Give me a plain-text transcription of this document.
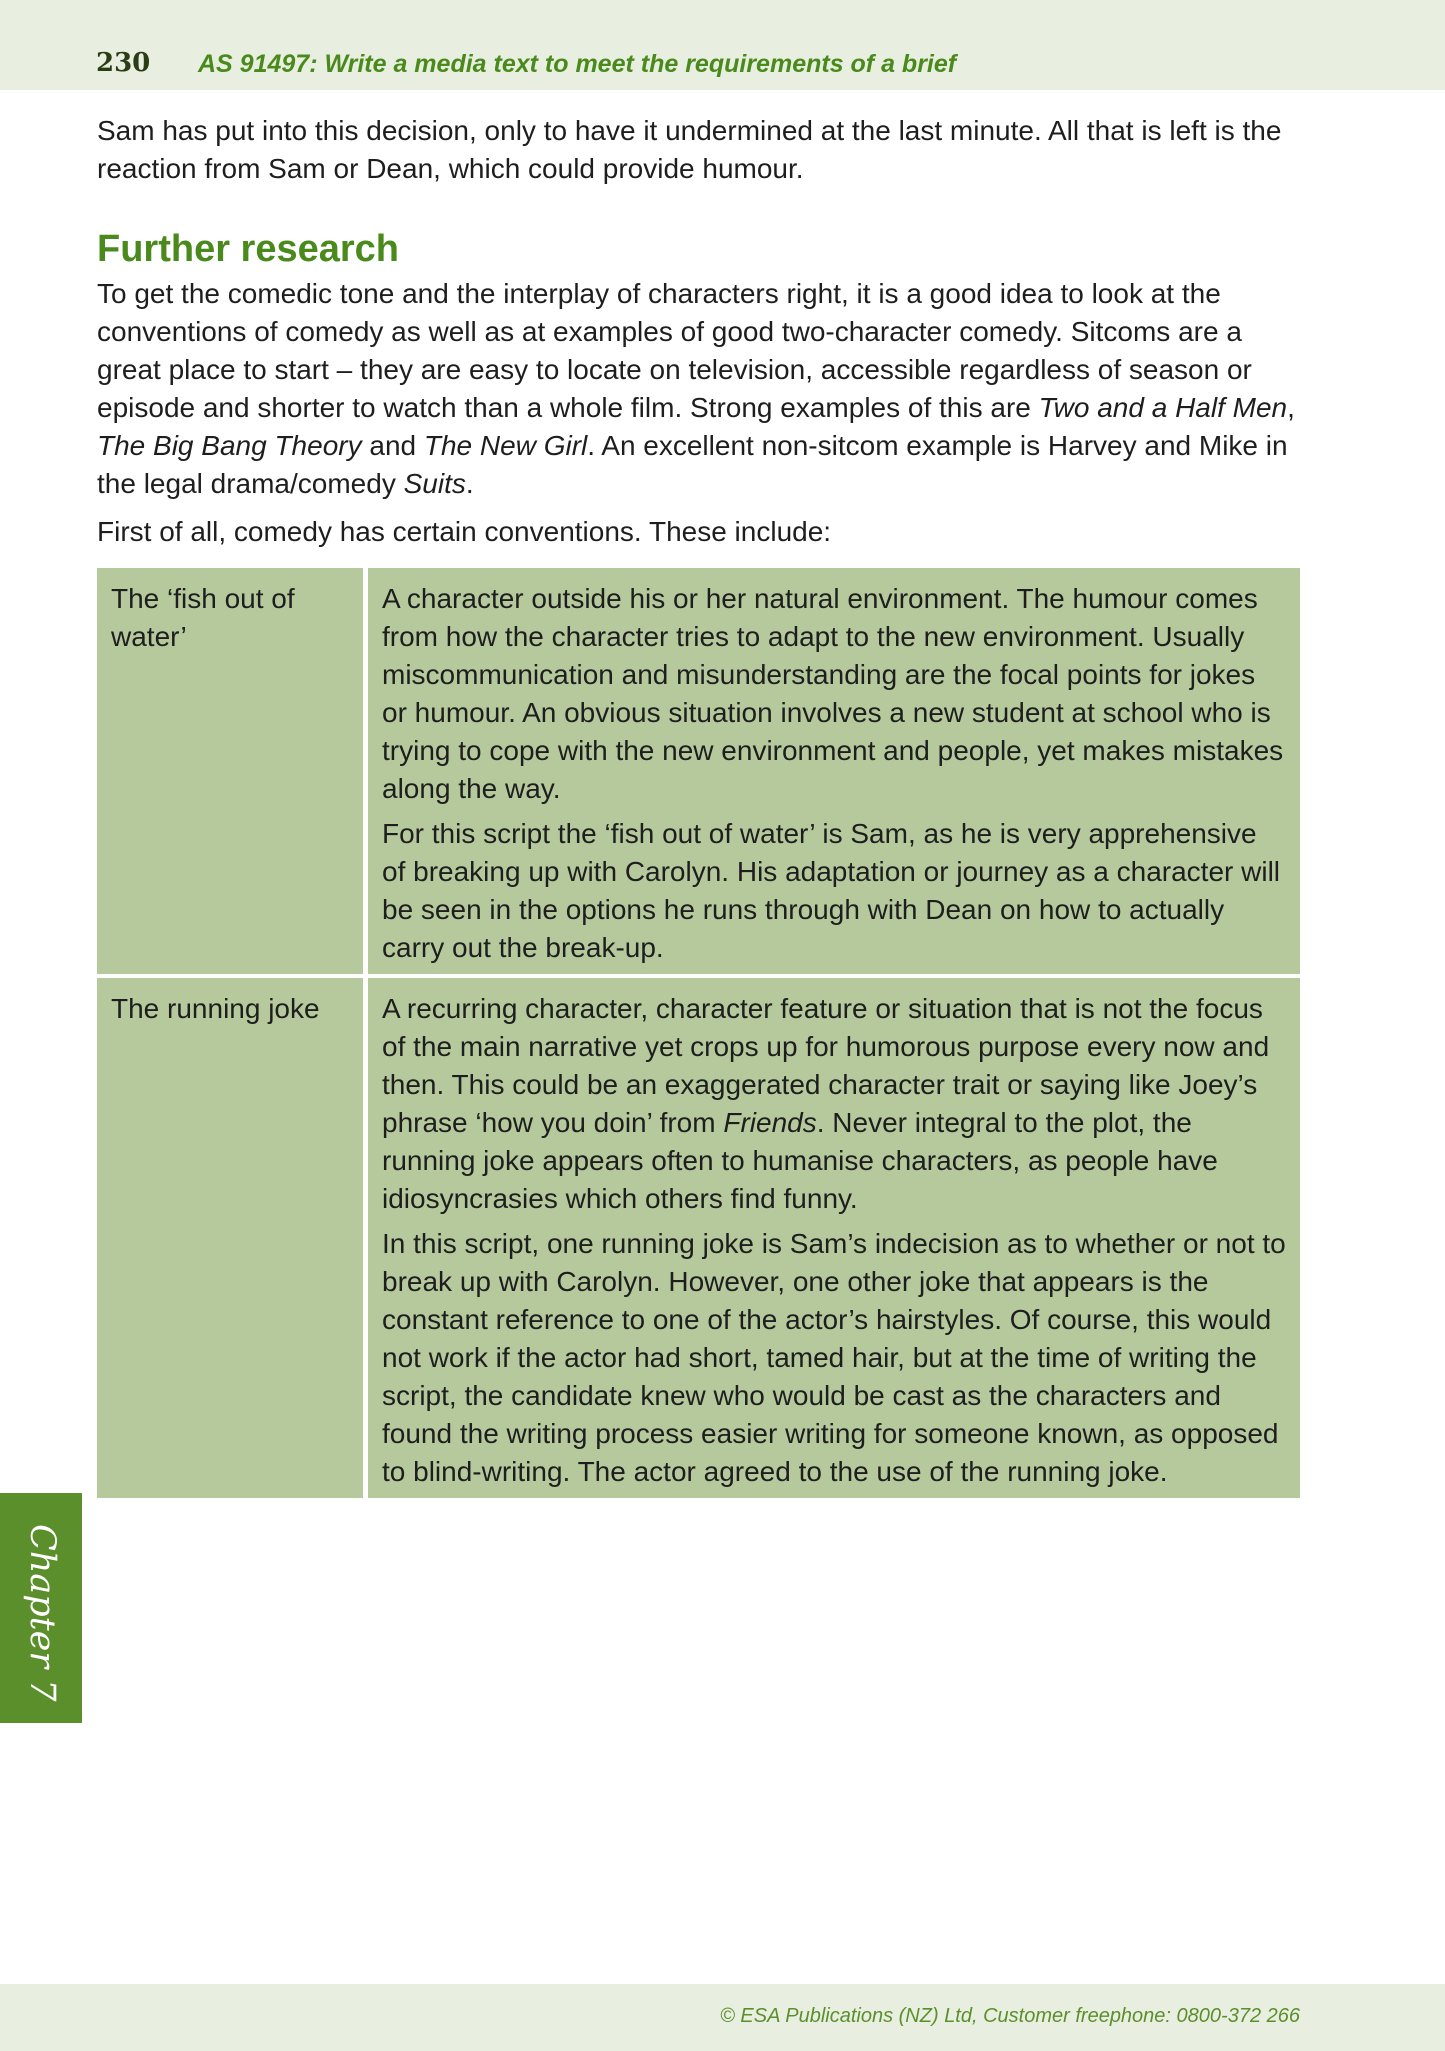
230 AS 91497: Write a media text to meet the requirements of a brief

Sam has put into this decision, only to have it undermined at the last minute. All that is left is the reaction from Sam or Dean, which could provide humour.

Further research

To get the comedic tone and the interplay of characters right, it is a good idea to look at the conventions of comedy as well as at examples of good two-character comedy. Sitcoms are a great place to start – they are easy to locate on television, accessible regardless of season or episode and shorter to watch than a whole film. Strong examples of this are Two and a Half Men, The Big Bang Theory and The New Girl. An excellent non-sitcom example is Harvey and Mike in the legal drama/comedy Suits.

First of all, comedy has certain conventions. These include:

The ‘fish out of water’	A character outside his or her natural environment. The humour comes from how the character tries to adapt to the new environment. Usually miscommunication and misunderstanding are the focal points for jokes or humour. An obvious situation involves a new student at school who is trying to cope with the new environment and people, yet makes mistakes along the way.

For this script the ‘fish out of water’ is Sam, as he is very apprehensive of breaking up with Carolyn. His adaptation or journey as a character will be seen in the options he runs through with Dean on how to actually carry out the break-up.

The running joke	A recurring character, character feature or situation that is not the focus of the main narrative yet crops up for humorous purpose every now and then. This could be an exaggerated character trait or saying like Joey’s phrase ‘how you doin’ from Friends. Never integral to the plot, the running joke appears often to humanise characters, as people have idiosyncrasies which others find funny.

In this script, one running joke is Sam’s indecision as to whether or not to break up with Carolyn. However, one other joke that appears is the constant reference to one of the actor’s hairstyles. Of course, this would not work if the actor had short, tamed hair, but at the time of writing the script, the candidate knew who would be cast as the characters and found the writing process easier writing for someone known, as opposed to blind-writing. The actor agreed to the use of the running joke.

Chapter 7
© ESA Publications (NZ) Ltd, Customer freephone: 0800-372 266
